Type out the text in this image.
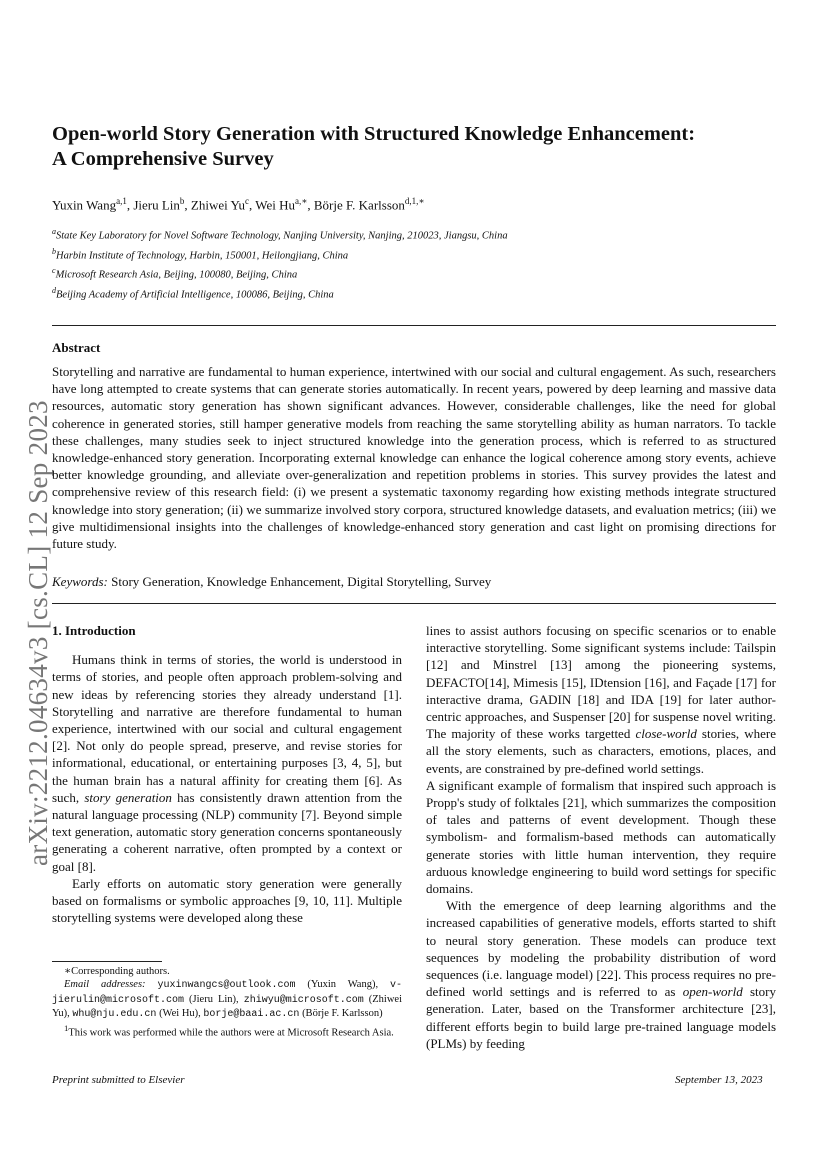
arXiv:2212.04634v3 [cs.CL] 12 Sep 2023
Open-world Story Generation with Structured Knowledge Enhancement:
A Comprehensive Survey
Yuxin Wang$^{a,1}$, Jieru Lin$^b$, Zhiwei Yu$^c$, Wei $Hu^{a,∗}$, Börje F. Karlsson$^{d,1,∗}$
$^a$State Key Laboratory for Novel Software Technology, Nanjing University, Nanjing, 210023, Jiangsu, China
$^b$Harbin Institute of Technology, Harbin, 150001, Heilongjiang, China
$^c$Microsoft Research Asia, Beijing, 100080, Beijing, China
$^d$Beijing Academy of Artificial Intelligence, 100086, Beijing, China
Abstract
Storytelling and narrative are fundamental to human experience, intertwined with our social and cultural engagement. As such, researchers have long attempted to create systems that can generate stories automatically. In recent years, powered by deep learning and massive data resources, automatic story generation has shown significant advances. However, considerable challenges, like the need for global coherence in generated stories, still hamper generative models from reaching the same storytelling ability as human narrators. To tackle these challenges, many studies seek to inject structured knowledge into the generation process, which is referred to as structured knowledge-enhanced story generation. Incorporating external knowledge can enhance the logical coherence among story events, achieve better knowledge grounding, and alleviate over-generalization and repetition problems in stories. This survey provides the latest and comprehensive review of this research field: (i) we present a systematic taxonomy regarding how existing methods integrate structured knowledge into story generation; (ii) we summarize involved story corpora, structured knowledge datasets, and evaluation metrics; (iii) we give multidimensional insights into the challenges of knowledge-enhanced story generation and cast light on promising directions for future study.
Keywords: Story Generation, Knowledge Enhancement, Digital Storytelling, Survey
1. Introduction

Humans think in terms of stories, the world is understood in terms of stories, and people often approach problem-solving and new ideas by referencing stories they already understand [1]. Storytelling and narrative are therefore fundamental to human experience, intertwined with our social and cultural engagement [2]. Not only do people spread, preserve, and revise stories for informational, educational, or entertaining purposes [3, 4, 5], but the human brain has a natural affinity for creating them [6]. As such, story generation has consistently drawn attention from the natural language processing (NLP) community [7]. Beyond simple text generation, automatic story generation concerns spontaneously generating a coherent narrative, often prompted by a context or goal [8].

Early efforts on automatic story generation were generally based on formalisms or symbolic approaches [9, 10, 11]. Multiple storytelling systems were developed along these

lines to assist authors focusing on specific scenarios or to enable interactive storytelling. Some significant systems include: Tailspin [12] and Minstrel [13] among the pioneering systems, DEFACTO[14], Mimesis [15], IDtension [16], and Façade [17] for interactive drama, GADIN [18] and IDA [19] for later author-centric approaches, and Suspenser [20] for suspense novel writing. The majority of these works targetted close-world stories, where all the story elements, such as characters, emotions, places, and events, are constrained by pre-defined world settings.

A significant example of formalism that inspired such approach is Propp's study of folktales [21], which summarizes the composition of tales and patterns of event development. Though these symbolism- and formalism-based methods can automatically generate stories with little human intervention, they require arduous knowledge engineering to build word settings for specific domains.

With the emergence of deep learning algorithms and the increased capabilities of generative models, efforts started to shift to neural story generation. These models can produce text sequences by modeling the probability distribution of word sequences (i.e. language model) [22]. This process requires no pre-defined world settings and is referred to as open-world story generation. Later, based on the Transformer architecture [23], different efforts begin to build large pre-trained language models (PLMs) by feeding

∗Corresponding authors.
Email addresses: yuxinwangcs@outlook.com (Yuxin Wang), v-jierulin@microsoft.com (Jieru Lin), zhiwyu@microsoft.com (Zhiwei Yu), whu@nju.edu.cn (Wei Hu), borje@baai.ac.cn (Börje F. Karlsson)
$^1$This work was performed while the authors were at Microsoft Research Asia.
Preprint submitted to Elsevier	September 13, 2023
